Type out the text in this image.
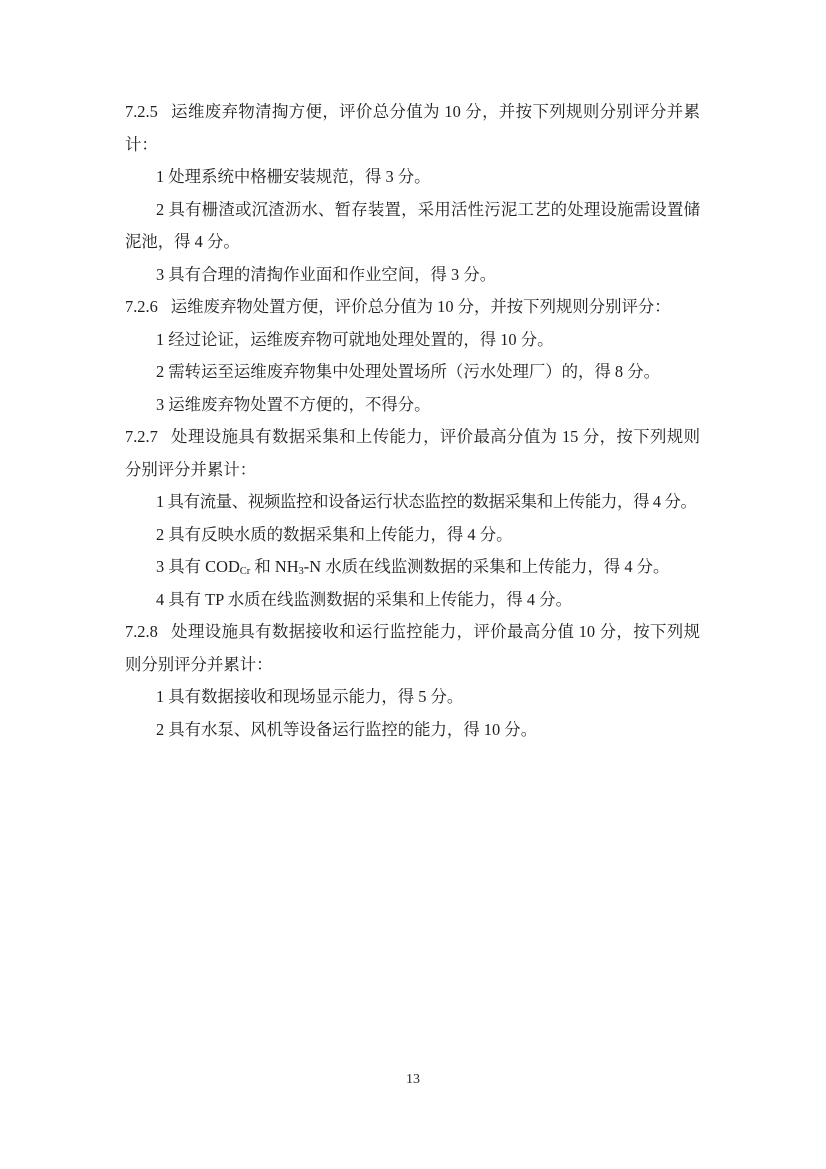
7.2.5 运维废弃物清掏方便，评价总分值为 10 分，并按下列规则分别评分并累计：

1 处理系统中格栅安装规范，得 3 分。

2 具有栅渣或沉渣沥水、暂存装置，采用活性污泥工艺的处理设施需设置储泥池，得 4 分。

3 具有合理的清掏作业面和作业空间，得 3 分。

7.2.6 运维废弃物处置方便，评价总分值为 10 分，并按下列规则分别评分：

1 经过论证，运维废弃物可就地处理处置的，得 10 分。

2 需转运至运维废弃物集中处理处置场所（污水处理厂）的，得 8 分。

3 运维废弃物处置不方便的，不得分。

7.2.7 处理设施具有数据采集和上传能力，评价最高分值为 15 分，按下列规则分别评分并累计：

1 具有流量、视频监控和设备运行状态监控的数据采集和上传能力，得 4 分。

2 具有反映水质的数据采集和上传能力，得 4 分。

3 具有 $COD_{Cr}$ 和 $NH_3-N$ 水质在线监测数据的采集和上传能力，得 4 分。

4 具有 TP 水质在线监测数据的采集和上传能力，得 4 分。

7.2.8 处理设施具有数据接收和运行监控能力，评价最高分值 10 分，按下列规则分别评分并累计：

1 具有数据接收和现场显示能力，得 5 分。

2 具有水泵、风机等设备运行监控的能力，得 10 分。

13
